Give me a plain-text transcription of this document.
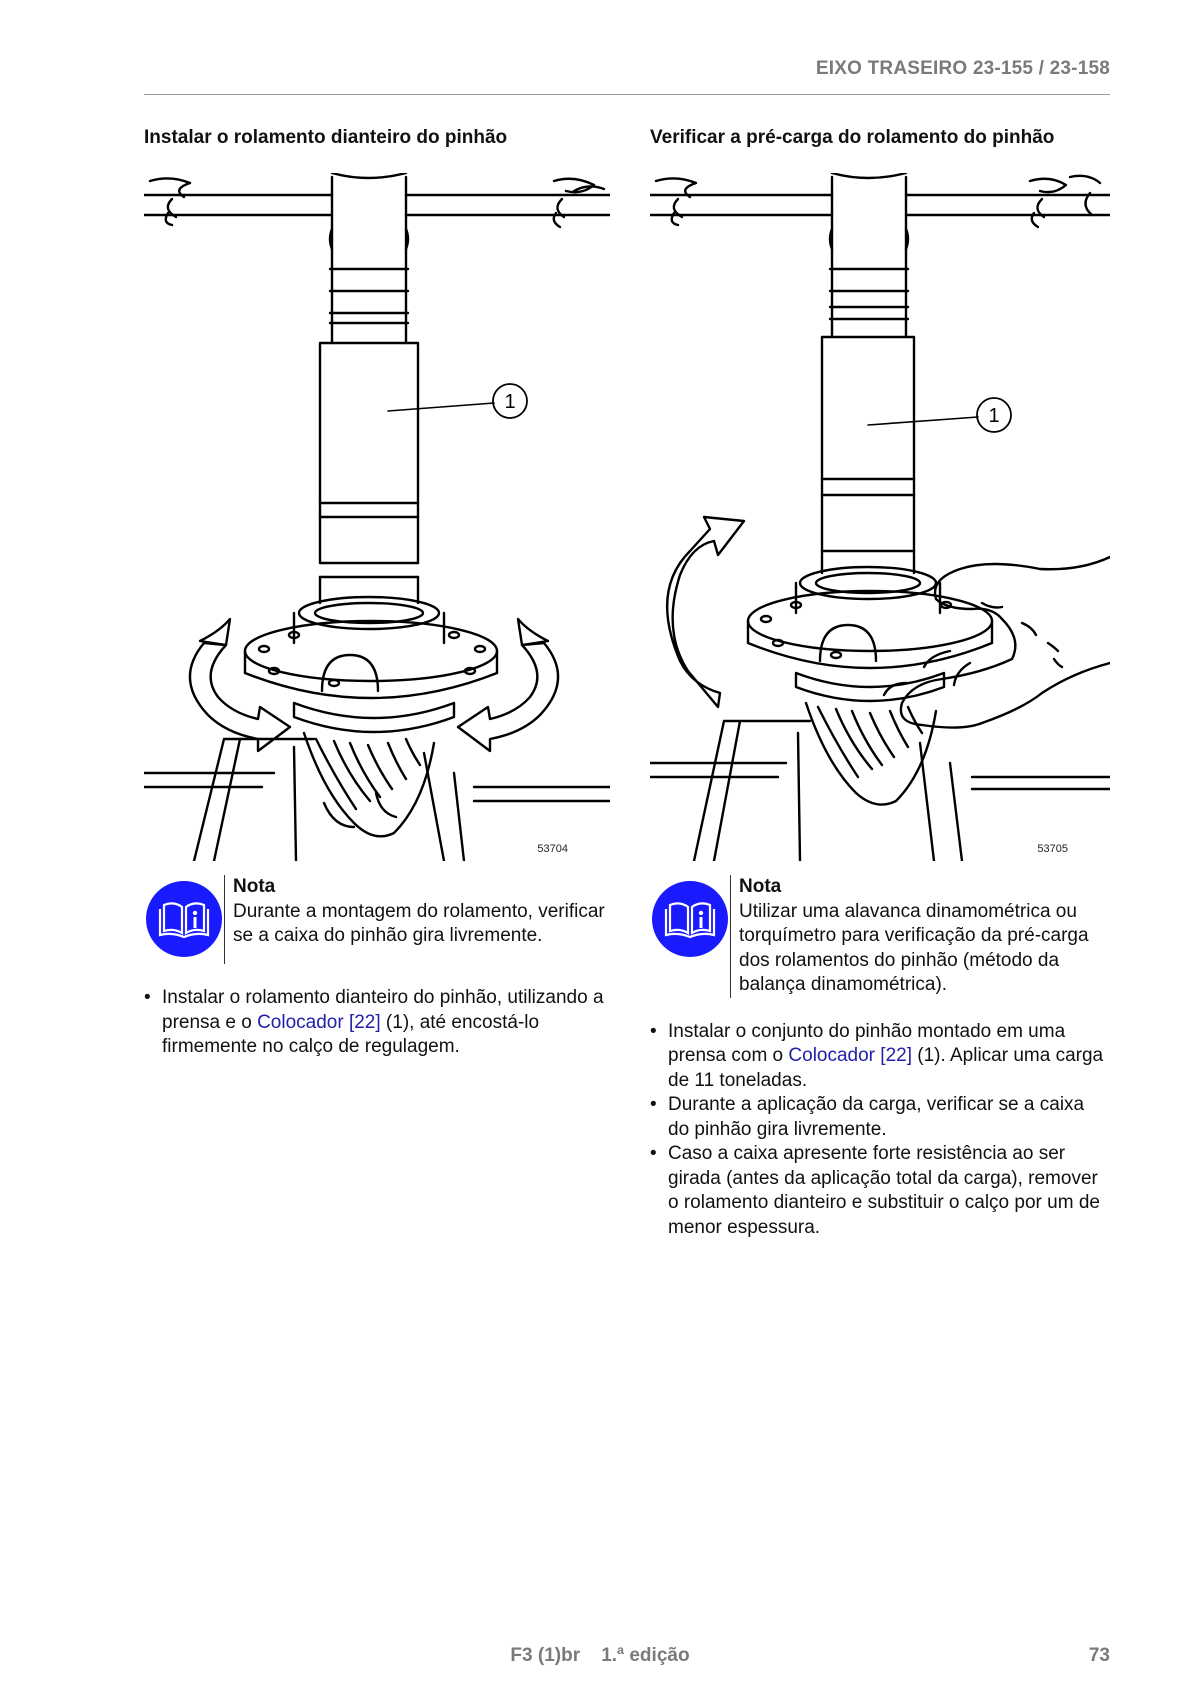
EIXO TRASEIRO 23-155 / 23-158
Instalar o rolamento dianteiro do pinhão
1
53704
Nota
Durante a montagem do rolamento, verificar se a caixa do pinhão gira livremente.
• Instalar o rolamento dianteiro do pinhão, utilizando a prensa e o Colocador [22] (1), até encostá-lo firmemente no calço de regulagem.
Verificar a pré-carga do rolamento do pinhão
1
53705
Nota
Utilizar uma alavanca dinamométrica ou torquímetro para verificação da pré-carga dos rolamentos do pinhão (método da balança dinamométrica).
• Instalar o conjunto do pinhão montado em uma prensa com o Colocador [22] (1). Aplicar uma carga de 11 toneladas.
• Durante a aplicação da carga, verificar se a caixa do pinhão gira livremente.
• Caso a caixa apresente forte resistência ao ser girada (antes da aplicação total da carga), remover o rolamento dianteiro e substituir o calço por um de menor espessura.
F3 (1)br    1.ª edição	73
